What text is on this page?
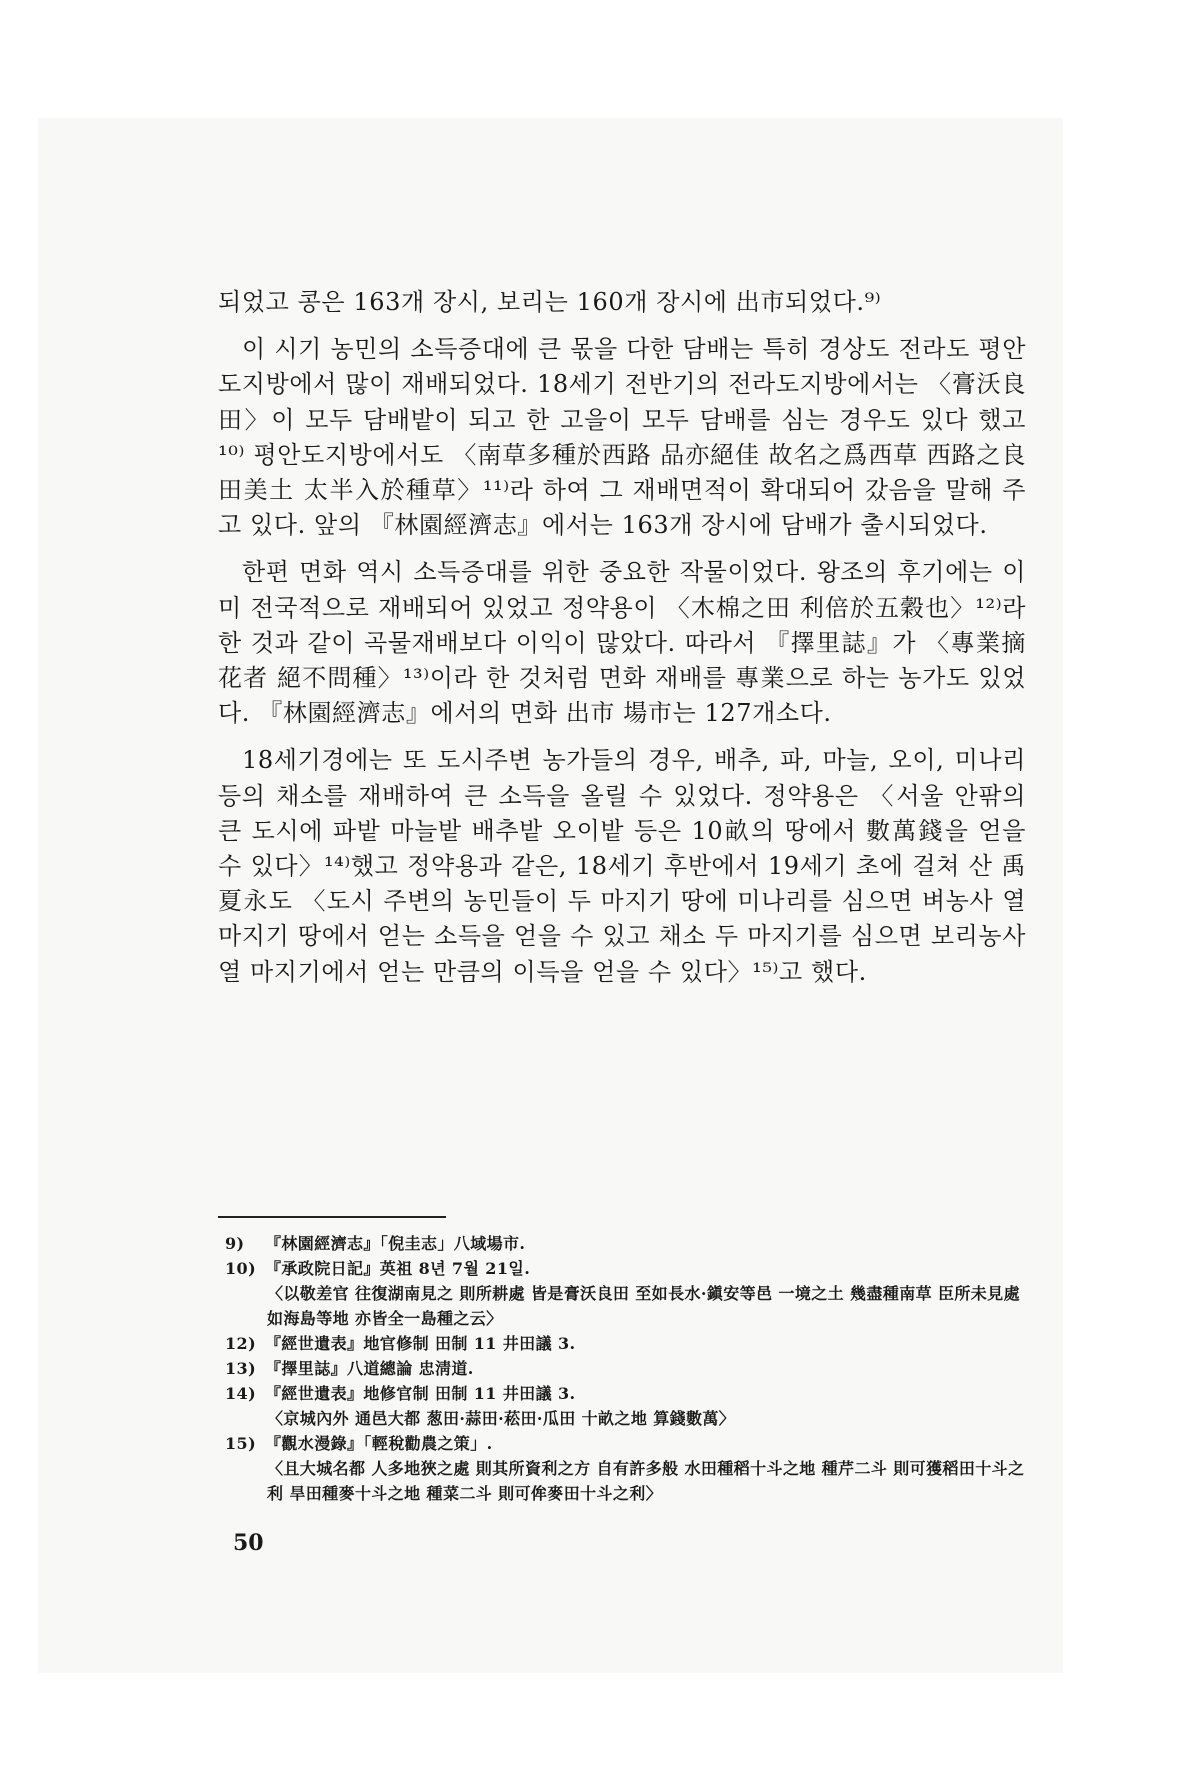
되었고 콩은 163개 장시, 보리는 160개 장시에 出市되었다.⁹⁾

이 시기 농민의 소득증대에 큰 몫을 다한 담배는 특히 경상도 전라도 평안도지방에서 많이 재배되었다. 18세기 전반기의 전라도지방에서는 〈膏沃良田〉이 모두 담배밭이 되고 한 고을이 모두 담배를 심는 경우도 있다 했고¹⁰⁾ 평안도지방에서도 〈南草多種於西路 品亦絕佳 故名之爲西草 西路之良田美土 太半入於種草〉¹¹⁾라 하여 그 재배면적이 확대되어 갔음을 말해 주고 있다. 앞의 『林園經濟志』에서는 163개 장시에 담배가 출시되었다.

한편 면화 역시 소득증대를 위한 중요한 작물이었다. 왕조의 후기에는 이미 전국적으로 재배되어 있었고 정약용이 〈木棉之田 利倍於五穀也〉¹²⁾라 한 것과 같이 곡물재배보다 이익이 많았다. 따라서 『擇里誌』가 〈專業摘花者 絕不問種〉¹³⁾이라 한 것처럼 면화 재배를 專業으로 하는 농가도 있었다. 『林園經濟志』에서의 면화 出市 場市는 127개소다.

18세기경에는 또 도시주변 농가들의 경우, 배추, 파, 마늘, 오이, 미나리 등의 채소를 재배하여 큰 소득을 올릴 수 있었다. 정약용은 〈서울 안팎의 큰 도시에 파밭 마늘밭 배추밭 오이밭 등은 10畝의 땅에서 數萬錢을 얻을 수 있다〉¹⁴⁾했고 정약용과 같은, 18세기 후반에서 19세기 초에 걸쳐 산 禹夏永도 〈도시 주변의 농민들이 두 마지기 땅에 미나리를 심으면 벼농사 열 마지기 땅에서 얻는 소득을 얻을 수 있고 채소 두 마지기를 심으면 보리농사 열 마지기에서 얻는 만큼의 이득을 얻을 수 있다〉¹⁵⁾고 했다.

9)	『林園經濟志』「倪圭志」八域場市.
10) 『承政院日記』英祖 8년 7월 21일.

〈以敬差官 往復湖南見之 則所耕處 皆是膏沃良田 至如長水·鎭安等邑 一境之土 幾盡種南草 臣所未見處 如海島等地 亦皆全一島種之云〉

12) 『經世遺表』地官修制 田制 11 井田議 3.
13) 『擇里誌』八道總論 忠淸道.
14) 『經世遺表』地修官制 田制 11 井田議 3.

〈京城內外 通邑大都 葱田·蒜田·菘田·瓜田 十畝之地 算錢數萬〉

15) 『觀水漫錄』「輕稅勸農之策」.

〈且大城名都 人多地狹之處 則其所資利之方 自有許多般 水田種稻十斗之地 種芹二斗 則可獲稻田十斗之利 旱田種麥十斗之地 種菜二斗 則可侔麥田十斗之利〉

50
